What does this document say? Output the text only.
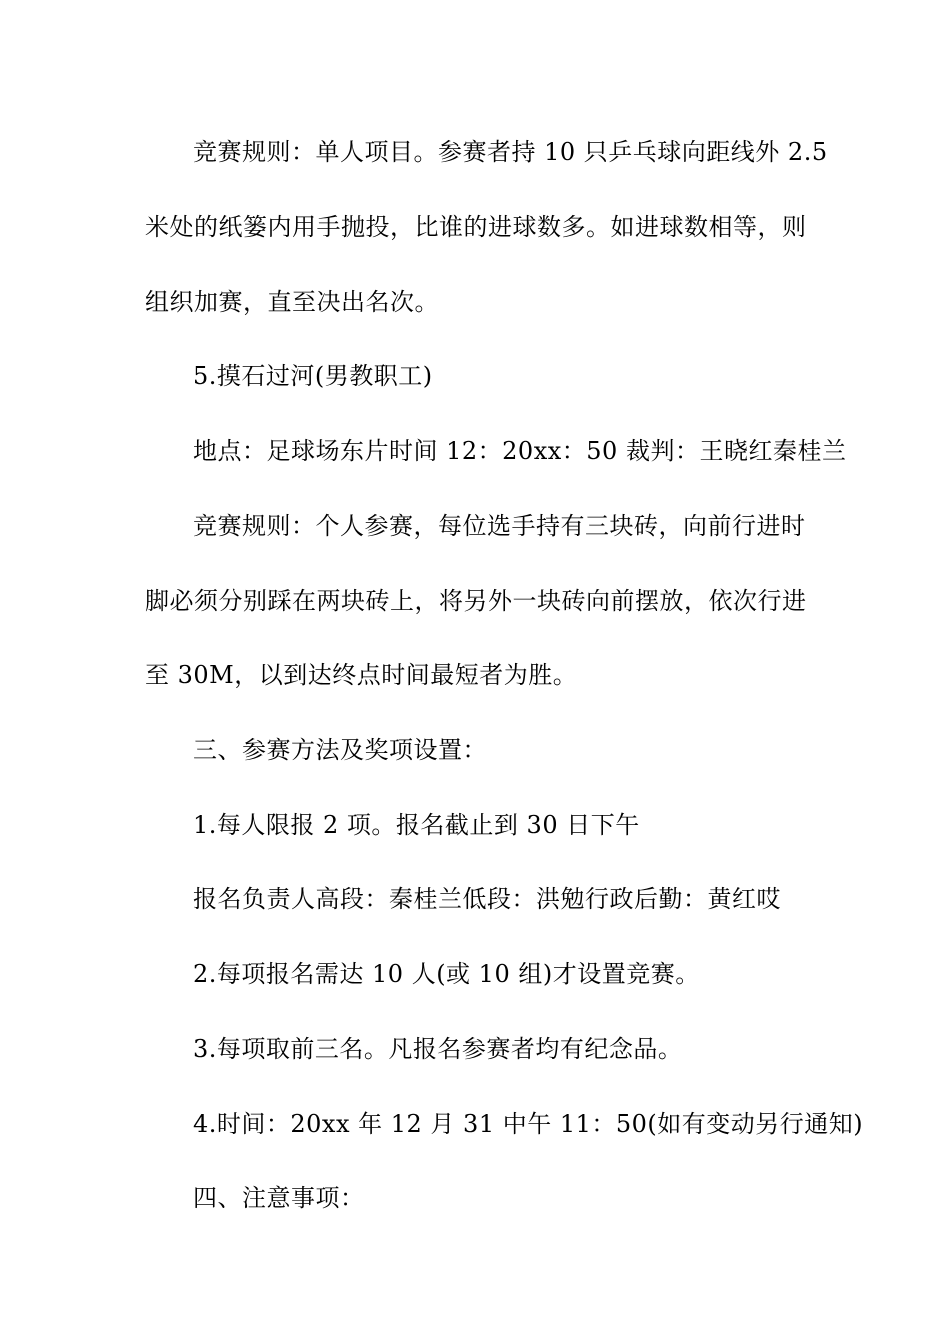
竞赛规则：单人项目。参赛者持 10 只乒乓球向距线外 2.5
米处的纸篓内用手抛投，比谁的进球数多。如进球数相等，则
组织加赛，直至决出名次。
5.摸石过河(男教职工)
地点：足球场东片时间 12：20xx：50 裁判：王晓红秦桂兰
竞赛规则：个人参赛，每位选手持有三块砖，向前行进时
脚必须分别踩在两块砖上，将另外一块砖向前摆放，依次行进
至 30M，以到达终点时间最短者为胜。
三、参赛方法及奖项设置：
1.每人限报 2 项。报名截止到 30 日下午
报名负责人高段：秦桂兰低段：洪勉行政后勤：黄红哎
2.每项报名需达 10 人(或 10 组)才设置竞赛。
3.每项取前三名。凡报名参赛者均有纪念品。
4.时间：20xx 年 12 月 31 中午 11：50(如有变动另行通知)
四、注意事项：
